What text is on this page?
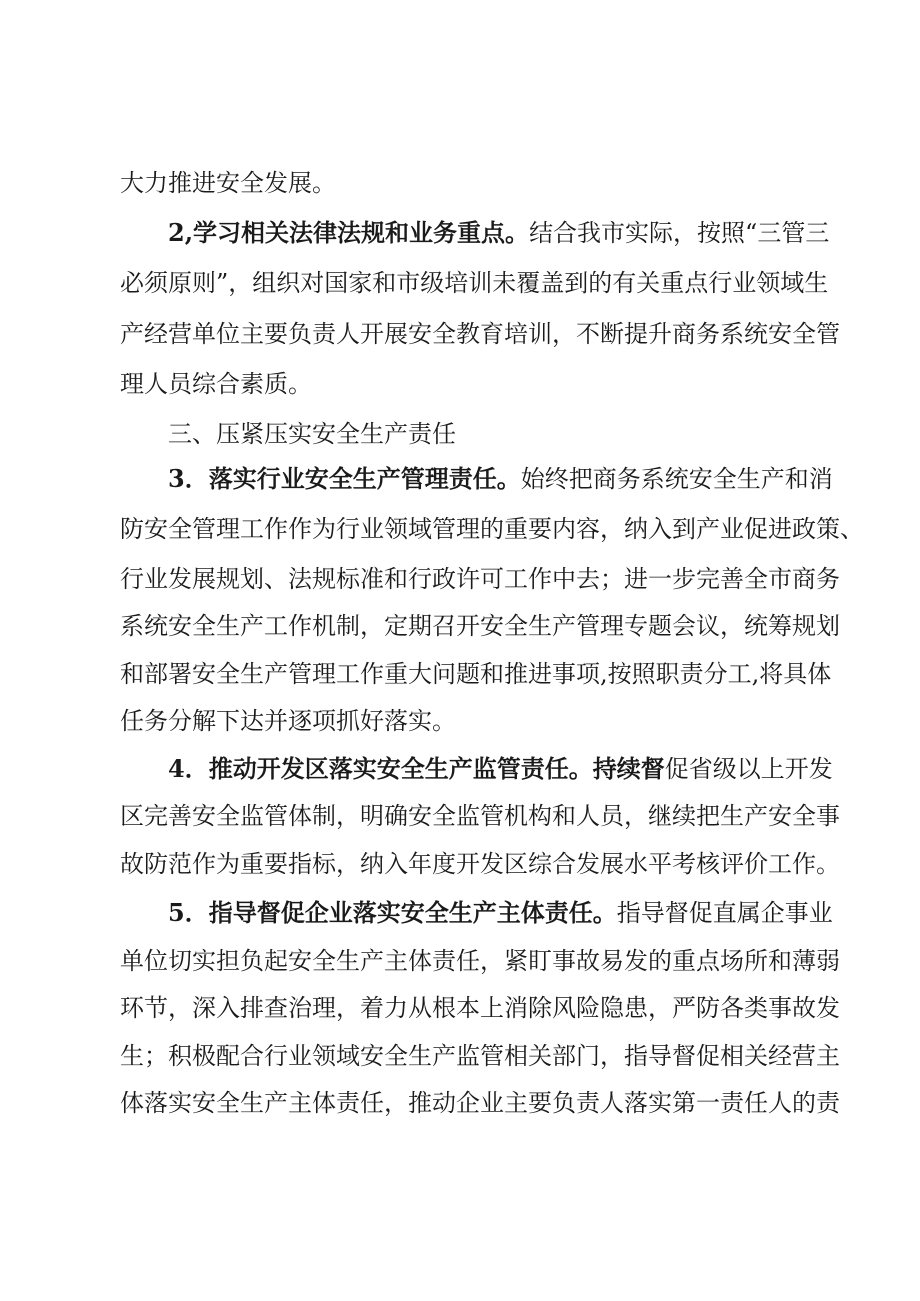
大力推进安全发展。
2,学习相关法律法规和业务重点。结合我市实际，按照“三管三
必须原则”，组织对国家和市级培训未覆盖到的有关重点行业领域生
产经营单位主要负责人开展安全教育培训，不断提升商务系统安全管
理人员综合素质。
三、压紧压实安全生产责任
3．落实行业安全生产管理责任。始终把商务系统安全生产和消
防安全管理工作作为行业领域管理的重要内容，纳入到产业促进政策、
行业发展规划、法规标准和行政许可工作中去；进一步完善全市商务
系统安全生产工作机制，定期召开安全生产管理专题会议，统筹规划
和部署安全生产管理工作重大问题和推进事项,按照职责分工,将具体
任务分解下达并逐项抓好落实。
4．推动开发区落实安全生产监管责任。持续督促省级以上开发
区完善安全监管体制，明确安全监管机构和人员，继续把生产安全事
故防范作为重要指标，纳入年度开发区综合发展水平考核评价工作。
5．指导督促企业落实安全生产主体责任。指导督促直属企事业
单位切实担负起安全生产主体责任，紧盯事故易发的重点场所和薄弱
环节，深入排查治理，着力从根本上消除风险隐患，严防各类事故发
生；积极配合行业领域安全生产监管相关部门，指导督促相关经营主
体落实安全生产主体责任，推动企业主要负责人落实第一责任人的责
